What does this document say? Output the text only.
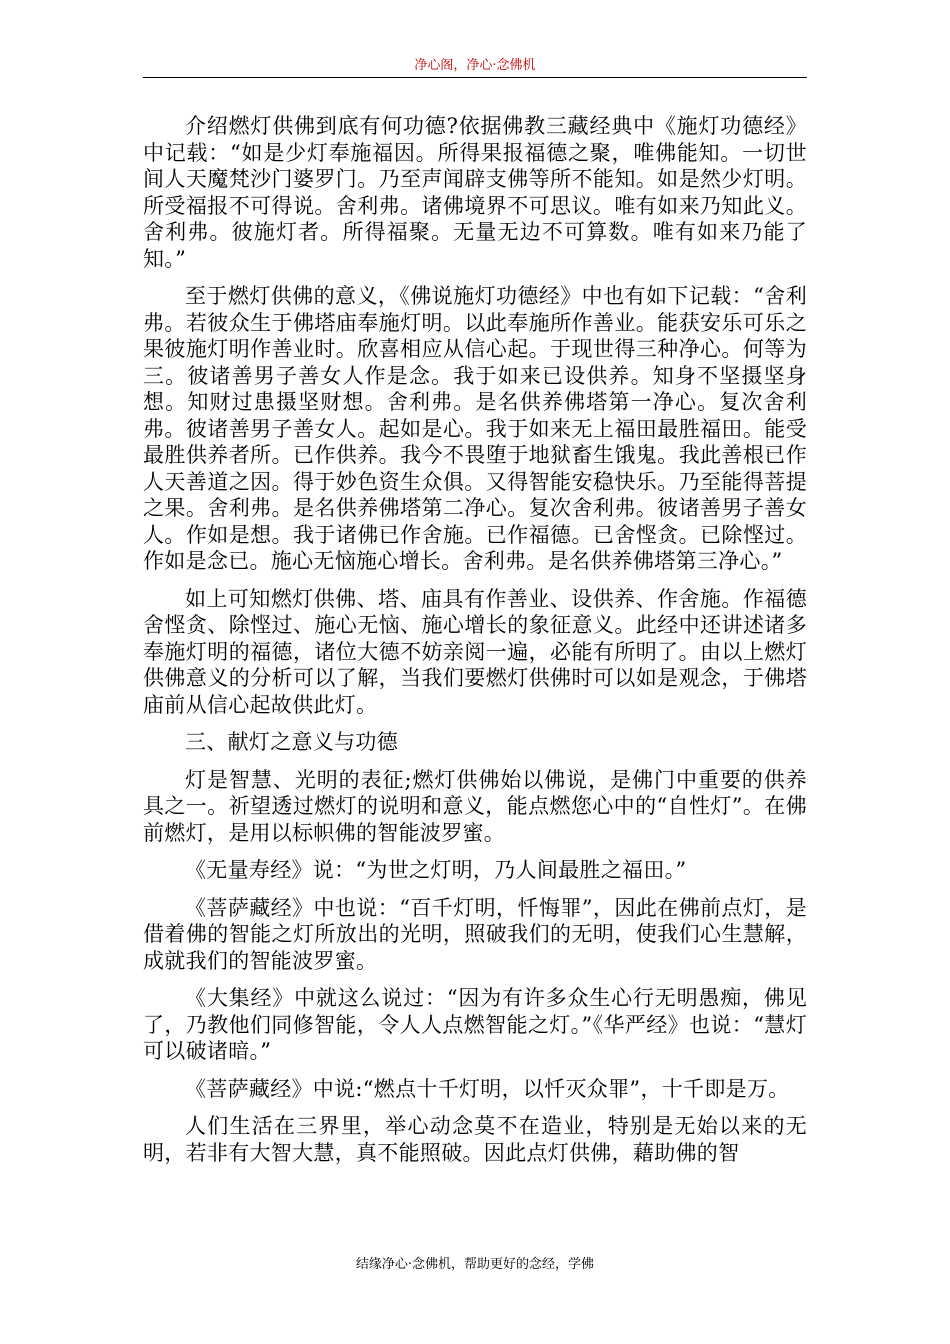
净心阁，净心·念佛机

介绍燃灯供佛到底有何功德?依据佛教三藏经典中《施灯功德经》中记载：“如是少灯奉施福因。所得果报福德之聚，唯佛能知。一切世间人天魔梵沙门婆罗门。乃至声闻辟支佛等所不能知。如是然少灯明。所受福报不可得说。舍利弗。诸佛境界不可思议。唯有如来乃知此义。舍利弗。彼施灯者。所得福聚。无量无边不可算数。唯有如来乃能了知。”

至于燃灯供佛的意义，《佛说施灯功德经》中也有如下记载：“舍利弗。若彼众生于佛塔庙奉施灯明。以此奉施所作善业。能获安乐可乐之果彼施灯明作善业时。欣喜相应从信心起。于现世得三种净心。何等为三。彼诸善男子善女人作是念。我于如来已设供养。知身不坚摄坚身想。知财过患摄坚财想。舍利弗。是名供养佛塔第一净心。复次舍利弗。彼诸善男子善女人。起如是心。我于如来无上福田最胜福田。能受最胜供养者所。已作供养。我今不畏堕于地狱畜生饿鬼。我此善根已作人天善道之因。得于妙色资生众俱。又得智能安稳快乐。乃至能得菩提之果。舍利弗。是名供养佛塔第二净心。复次舍利弗。彼诸善男子善女人。作如是想。我于诸佛已作舍施。已作福德。已舍悭贪。已除悭过。作如是念已。施心无恼施心增长。舍利弗。是名供养佛塔第三净心。”

如上可知燃灯供佛、塔、庙具有作善业、设供养、作舍施。作福德舍悭贪、除悭过、施心无恼、施心增长的象征意义。此经中还讲述诸多奉施灯明的福德，诸位大德不妨亲阅一遍，必能有所明了。由以上燃灯供佛意义的分析可以了解，当我们要燃灯供佛时可以如是观念，于佛塔庙前从信心起故供此灯。

三、献灯之意义与功德

灯是智慧、光明的表征;燃灯供佛始以佛说，是佛门中重要的供养具之一。祈望透过燃灯的说明和意义，能点燃您心中的“自性灯”。在佛前燃灯，是用以标帜佛的智能波罗蜜。

《无量寿经》说：“为世之灯明，乃人间最胜之福田。”

《菩萨藏经》中也说：“百千灯明，忏悔罪”，因此在佛前点灯，是借着佛的智能之灯所放出的光明，照破我们的无明，使我们心生慧解，成就我们的智能波罗蜜。

《大集经》中就这么说过：“因为有许多众生心行无明愚痴，佛见了，乃教他们同修智能，令人人点燃智能之灯。”《华严经》也说：“慧灯可以破诸暗。”

《菩萨藏经》中说:“燃点十千灯明，以忏灭众罪”，十千即是万。

人们生活在三界里，举心动念莫不在造业，特别是无始以来的无明，若非有大智大慧，真不能照破。因此点灯供佛，藉助佛的智

结缘净心·念佛机，帮助更好的念经，学佛
